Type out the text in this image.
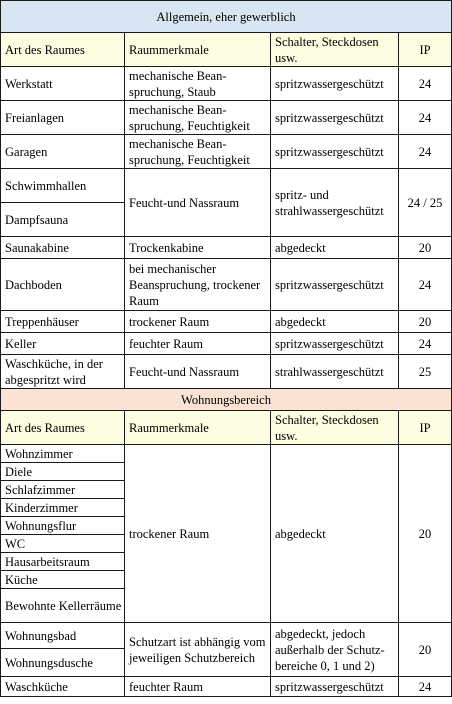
Allgemein, eher gewerblich			
Art des Raumes	Raummerkmale	Schalter, Steckdosen usw.	IP
Werkstatt	mechanische Bean-spruchung, Staub	spritzwassergeschützt	24
Freianlagen	mechanische Bean-spruchung, Feuchtigkeit	spritzwassergeschützt	24
Garagen	mechanische Bean-spruchung, Feuchtigkeit	spritzwassergeschützt	24
Schwimmhallen	Feucht-und Nassraum	spritz- und strahlwassergeschützt	24 / 25
Dampfsauna			
Saunakabine	Trockenkabine	abgedeckt	20
Dachboden	bei mechanischer Beanspruchung, trockener Raum	spritzwassergeschützt	24
Treppenhäuser	trockener Raum	abgedeckt	20
Keller	feuchter Raum	spritzwassergeschützt	24
Waschküche, in der abgespritzt wird	Feucht-und Nassraum	strahlwassergeschützt	25
Wohnungsbereich			
Art des Raumes	Raummerkmale	Schalter, Steckdosen usw.	IP
Wohnzimmer	trockener Raum	abgedeckt	20
Diele			
Schlafzimmer			
Kinderzimmer			
Wohnungsflur			
WC			
Hausarbeitsraum			
Küche			
Bewohnte Kellerräume			
Wohnungsbad	Schutzart ist abhängig vom jeweiligen Schutzbereich	abgedeckt, jedoch außerhalb der Schutz-bereiche 0, 1 und 2)	20
Wohnungsdusche			
Waschküche	feuchter Raum	spritzwassergeschützt	24
